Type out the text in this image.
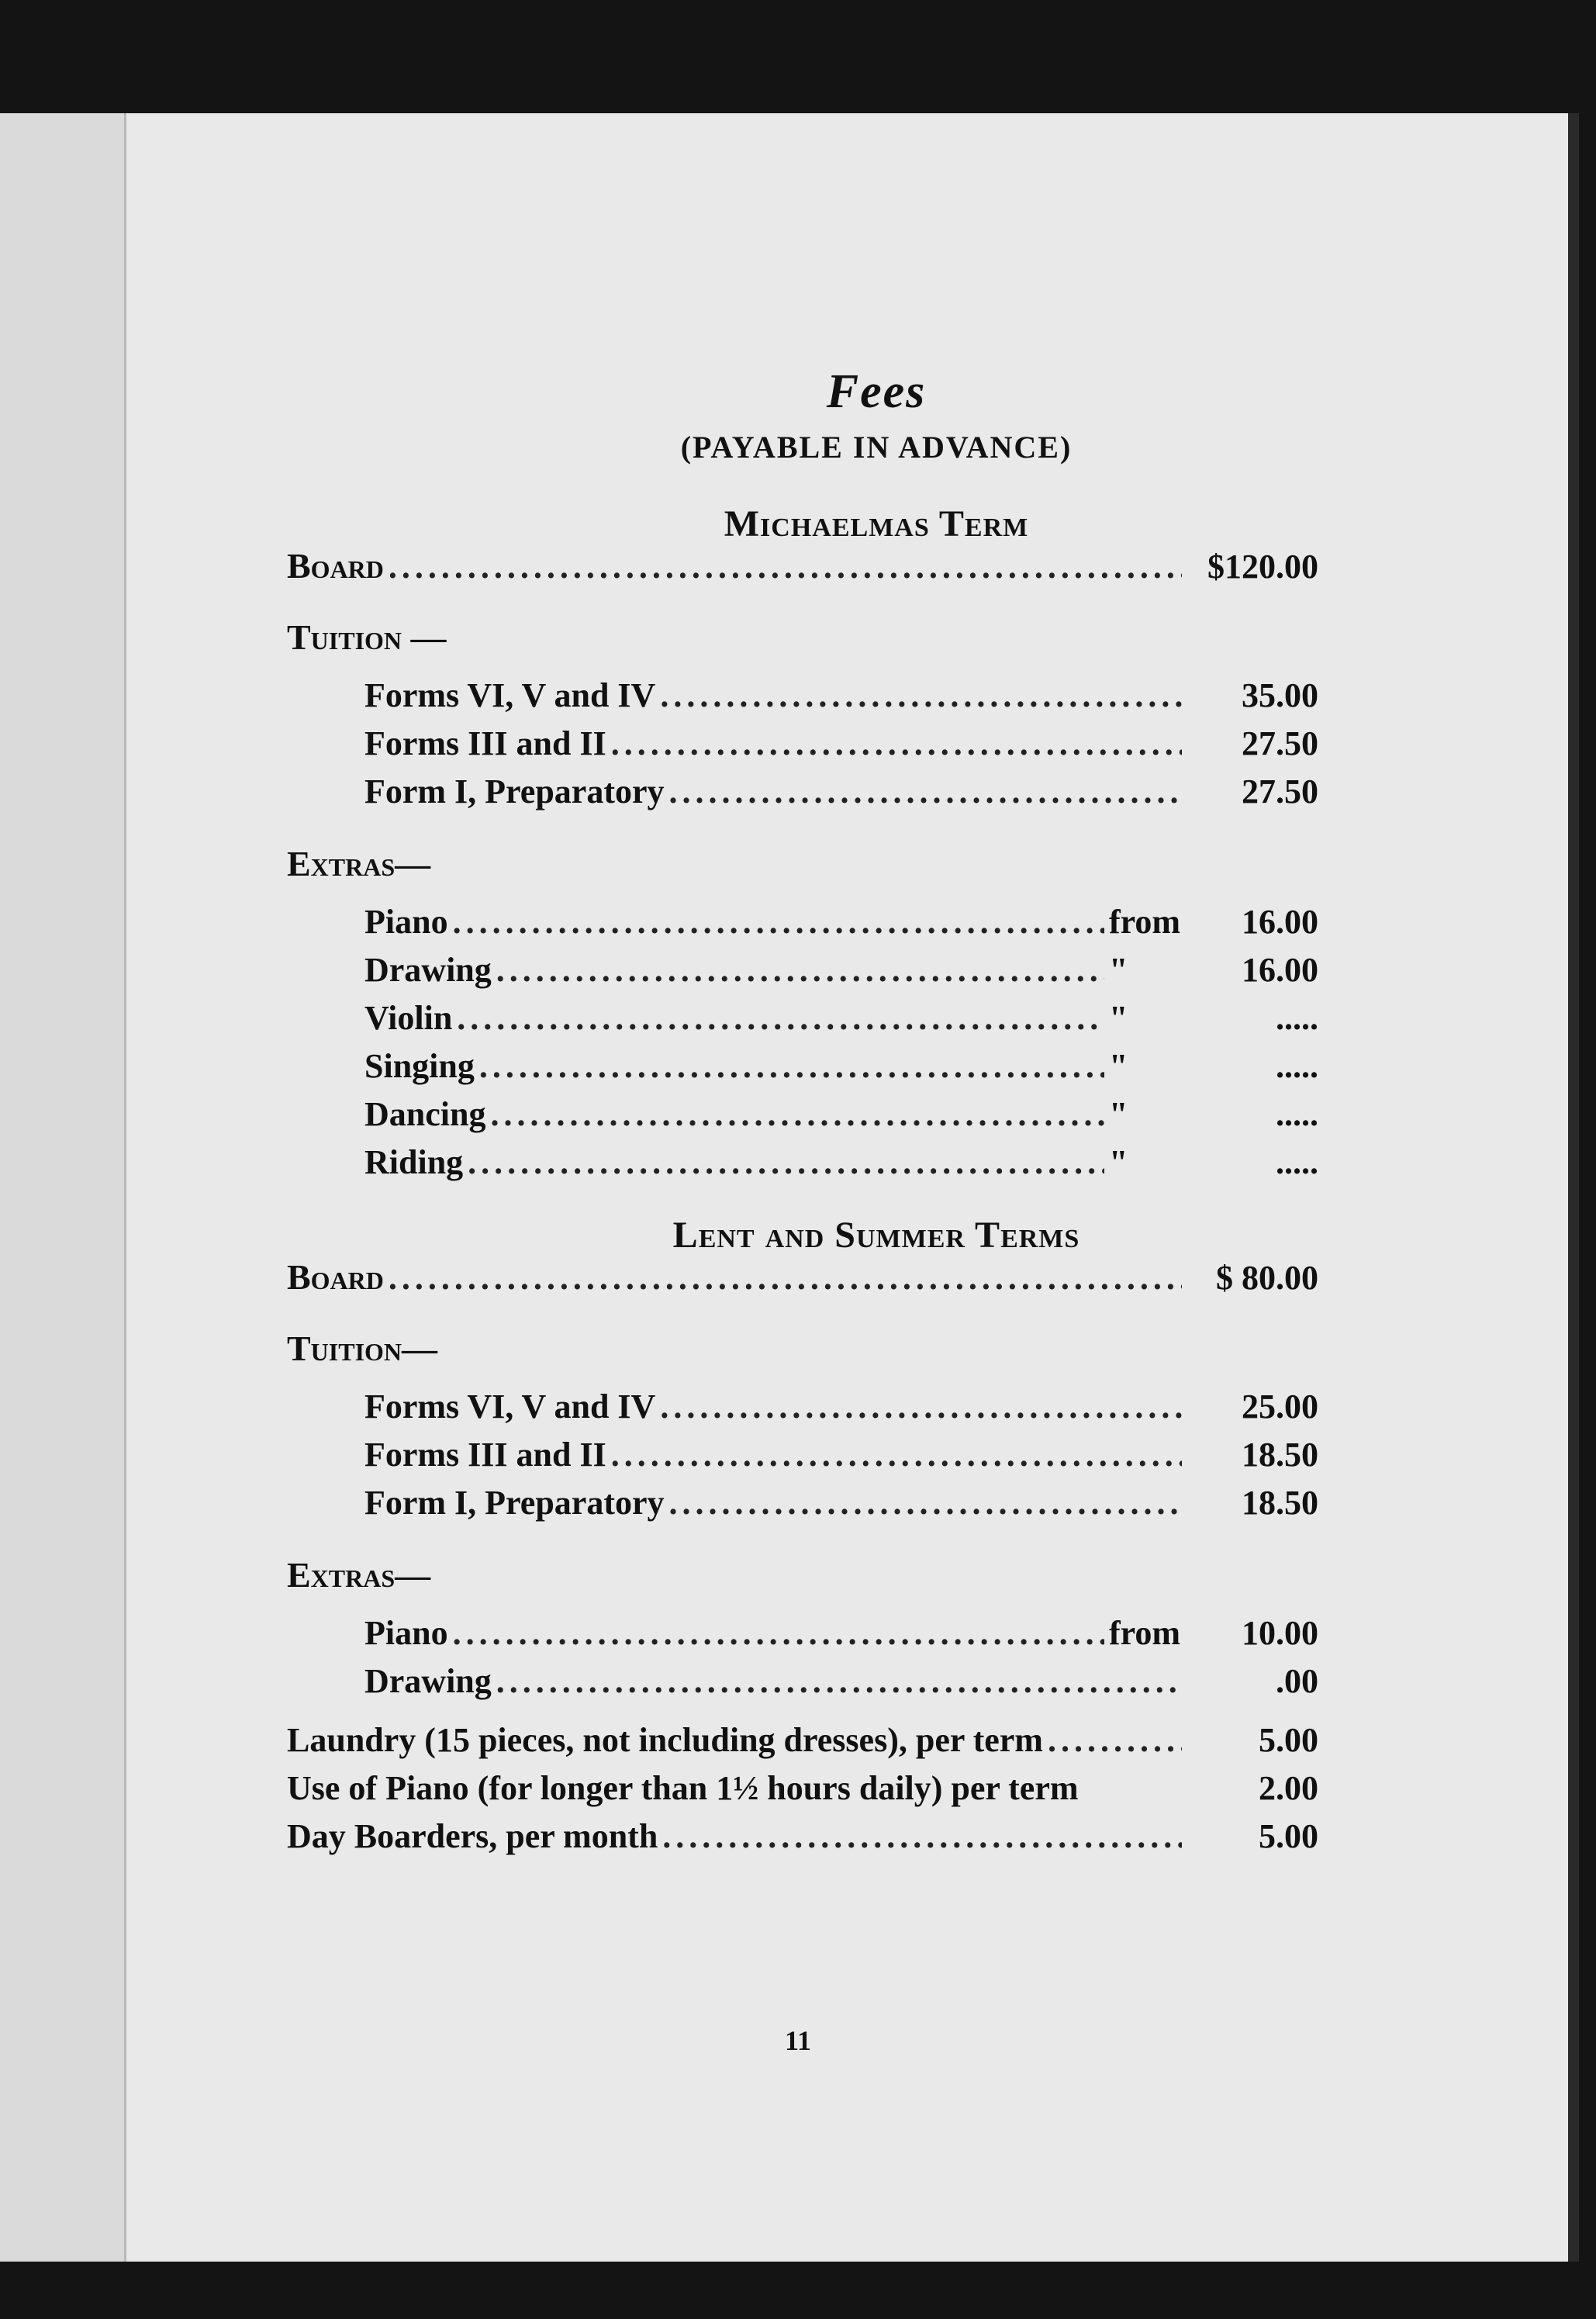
Fees
(PAYABLE IN ADVANCE)
Michaelmas Term
Board .....	$120.00
Tuition —
Forms VI, V and IV .....	35.00
Forms III and II .....	27.50
Form I, Preparatory .....	27.50
Extras—
Piano .....	from	16.00
Drawing .....	"	16.00
Violin .....	"	.....
Singing .....	"	.....
Dancing .....	"	.....
Riding .....	"	.....
Lent and Summer Terms
Board .....	$ 80.00
Tuition—
Forms VI, V and IV .....	25.00
Forms III and II .....	18.50
Form I, Preparatory .....	18.50
Extras—
Piano .....	from	10.00
Drawing .....	.00
Laundry (15 pieces, not including dresses), per term .....	5.00
Use of Piano (for longer than 1½ hours daily) per term	2.00
Day Boarders, per month .....	5.00
11
